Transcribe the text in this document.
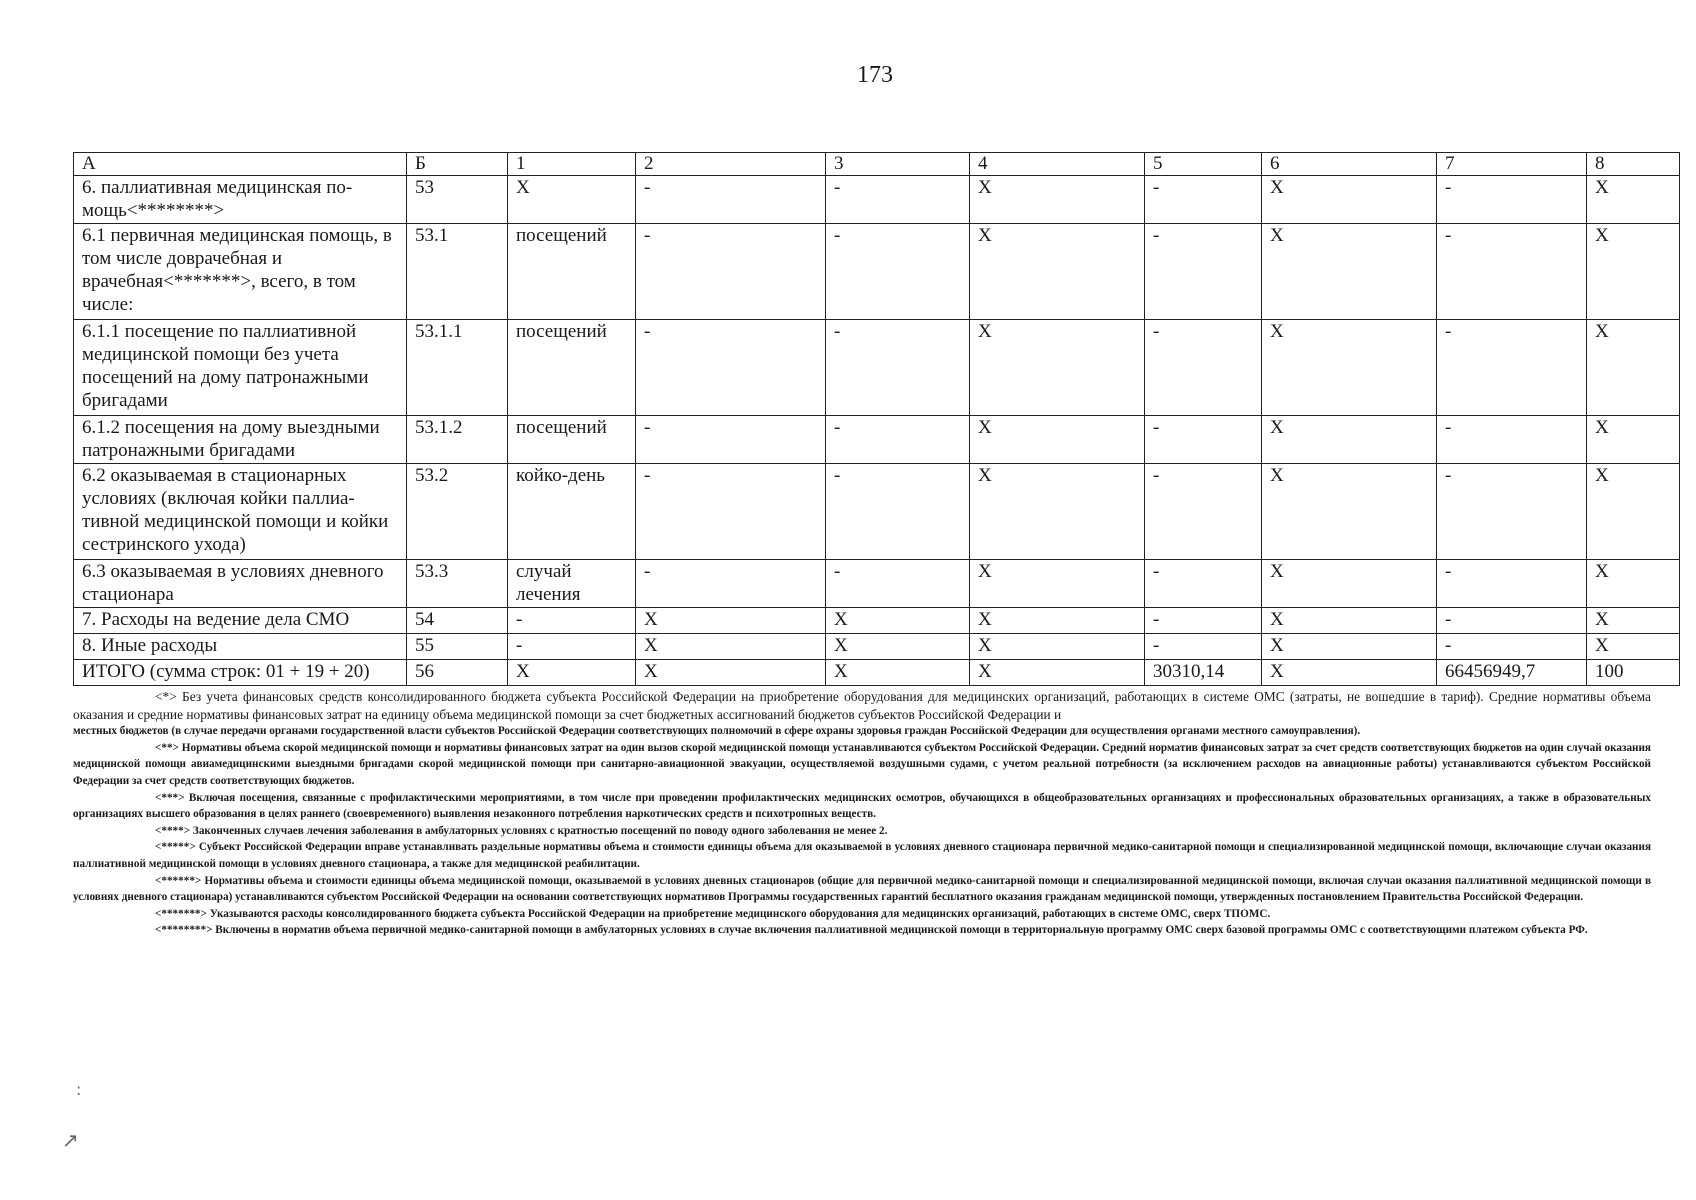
173
А	Б	1	2	3	4	5	6	7	8
6. паллиативная медицинская помощь<********>	53	X	-	-	X	-	X	-	X
6.1 первичная медицинская помощь, в том числе доврачебная и врачебная<*******>, всего, в том числе:	53.1	посещений	-	-	X	-	X	-	X
6.1.1 посещение по паллиативной медицинской помощи без учета посещений на дому патронажными бригадами	53.1.1	посещений	-	-	X	-	X	-	X
6.1.2 посещения на дому выездными патронажными бригадами	53.1.2	посещений	-	-	X	-	X	-	X
6.2 оказываемая в стационарных условиях (включая койки паллиативной медицинской помощи и койки сестринского ухода)	53.2	койко-день	-	-	X	-	X	-	X
6.3 оказываемая в условиях дневного стационара	53.3	случай лечения	-	-	X	-	X	-	X
7. Расходы на ведение дела СМО	54	-	X	X	X	-	X	-	X
8. Иные расходы	55	-	X	X	X	-	X	-	X
ИТОГО (сумма строк: 01 + 19 + 20)	56	X	X	X	X	30310,14	X	66456949,7	100

<*> Без учета финансовых средств консолидированного бюджета субъекта Российской Федерации на приобретение оборудования для медицинских организаций, работающих в системе ОМС (затраты, не вошедшие в тариф). Средние нормативы объема оказания и средние нормативы финансовых затрат на единицу объема медицинской помощи за счет бюджетных ассигнований бюджетов субъектов Российской Федерации и

местных бюджетов (в случае передачи органами государственной власти субъектов Российской Федерации соответствующих полномочий в сфере охраны здоровья граждан Российской Федерации для осуществления органами местного самоуправления).

<**> Нормативы объема скорой медицинской помощи и нормативы финансовых затрат на один вызов скорой медицинской помощи устанавливаются субъектом Российской Федерации. Средний норматив финансовых затрат за счет средств соответствующих бюджетов на один случай оказания медицинской помощи авиамедицинскими выездными бригадами скорой медицинской помощи при санитарно-авиационной эвакуации, осуществляемой воздушными судами, с учетом реальной потребности (за исключением расходов на авиационные работы) устанавливаются субъектом Российской Федерации за счет средств соответствующих бюджетов.

<***> Включая посещения, связанные с профилактическими мероприятиями, в том числе при проведении профилактических медицинских осмотров, обучающихся в общеобразовательных организациях и профессиональных образовательных организациях, а также в образовательных организациях высшего образования в целях раннего (своевременного) выявления незаконного потребления наркотических средств и психотропных веществ.

<****> Законченных случаев лечения заболевания в амбулаторных условиях с кратностью посещений по поводу одного заболевания не менее 2.

<*****> Субъект Российской Федерации вправе устанавливать раздельные нормативы объема и стоимости единицы объема для оказываемой в условиях дневного стационара первичной медико-санитарной помощи и специализированной медицинской помощи, включающие случаи оказания паллиативной медицинской помощи в условиях дневного стационара, а также для медицинской реабилитации.

<******> Нормативы объема и стоимости единицы объема медицинской помощи, оказываемой в условиях дневных стационаров (общие для первичной медико-санитарной помощи и специализированной медицинской помощи, включая случаи оказания паллиативной медицинской помощи в условиях дневного стационара) устанавливаются субъектом Российской Федерации на основании соответствующих нормативов Программы государственных гарантий бесплатного оказания гражданам медицинской помощи, утвержденных постановлением Правительства Российской Федерации.

<*******> Указываются расходы консолидированного бюджета субъекта Российской Федерации на приобретение медицинского оборудования для медицинских организаций, работающих в системе ОМС, сверх ТПОМС.

<********> Включены в норматив объема первичной медико-санитарной помощи в амбулаторных условиях в случае включения паллиативной медицинской помощи в территориальную программу ОМС сверх базовой программы ОМС с соответствующими платежом субъекта РФ.

:
↗
